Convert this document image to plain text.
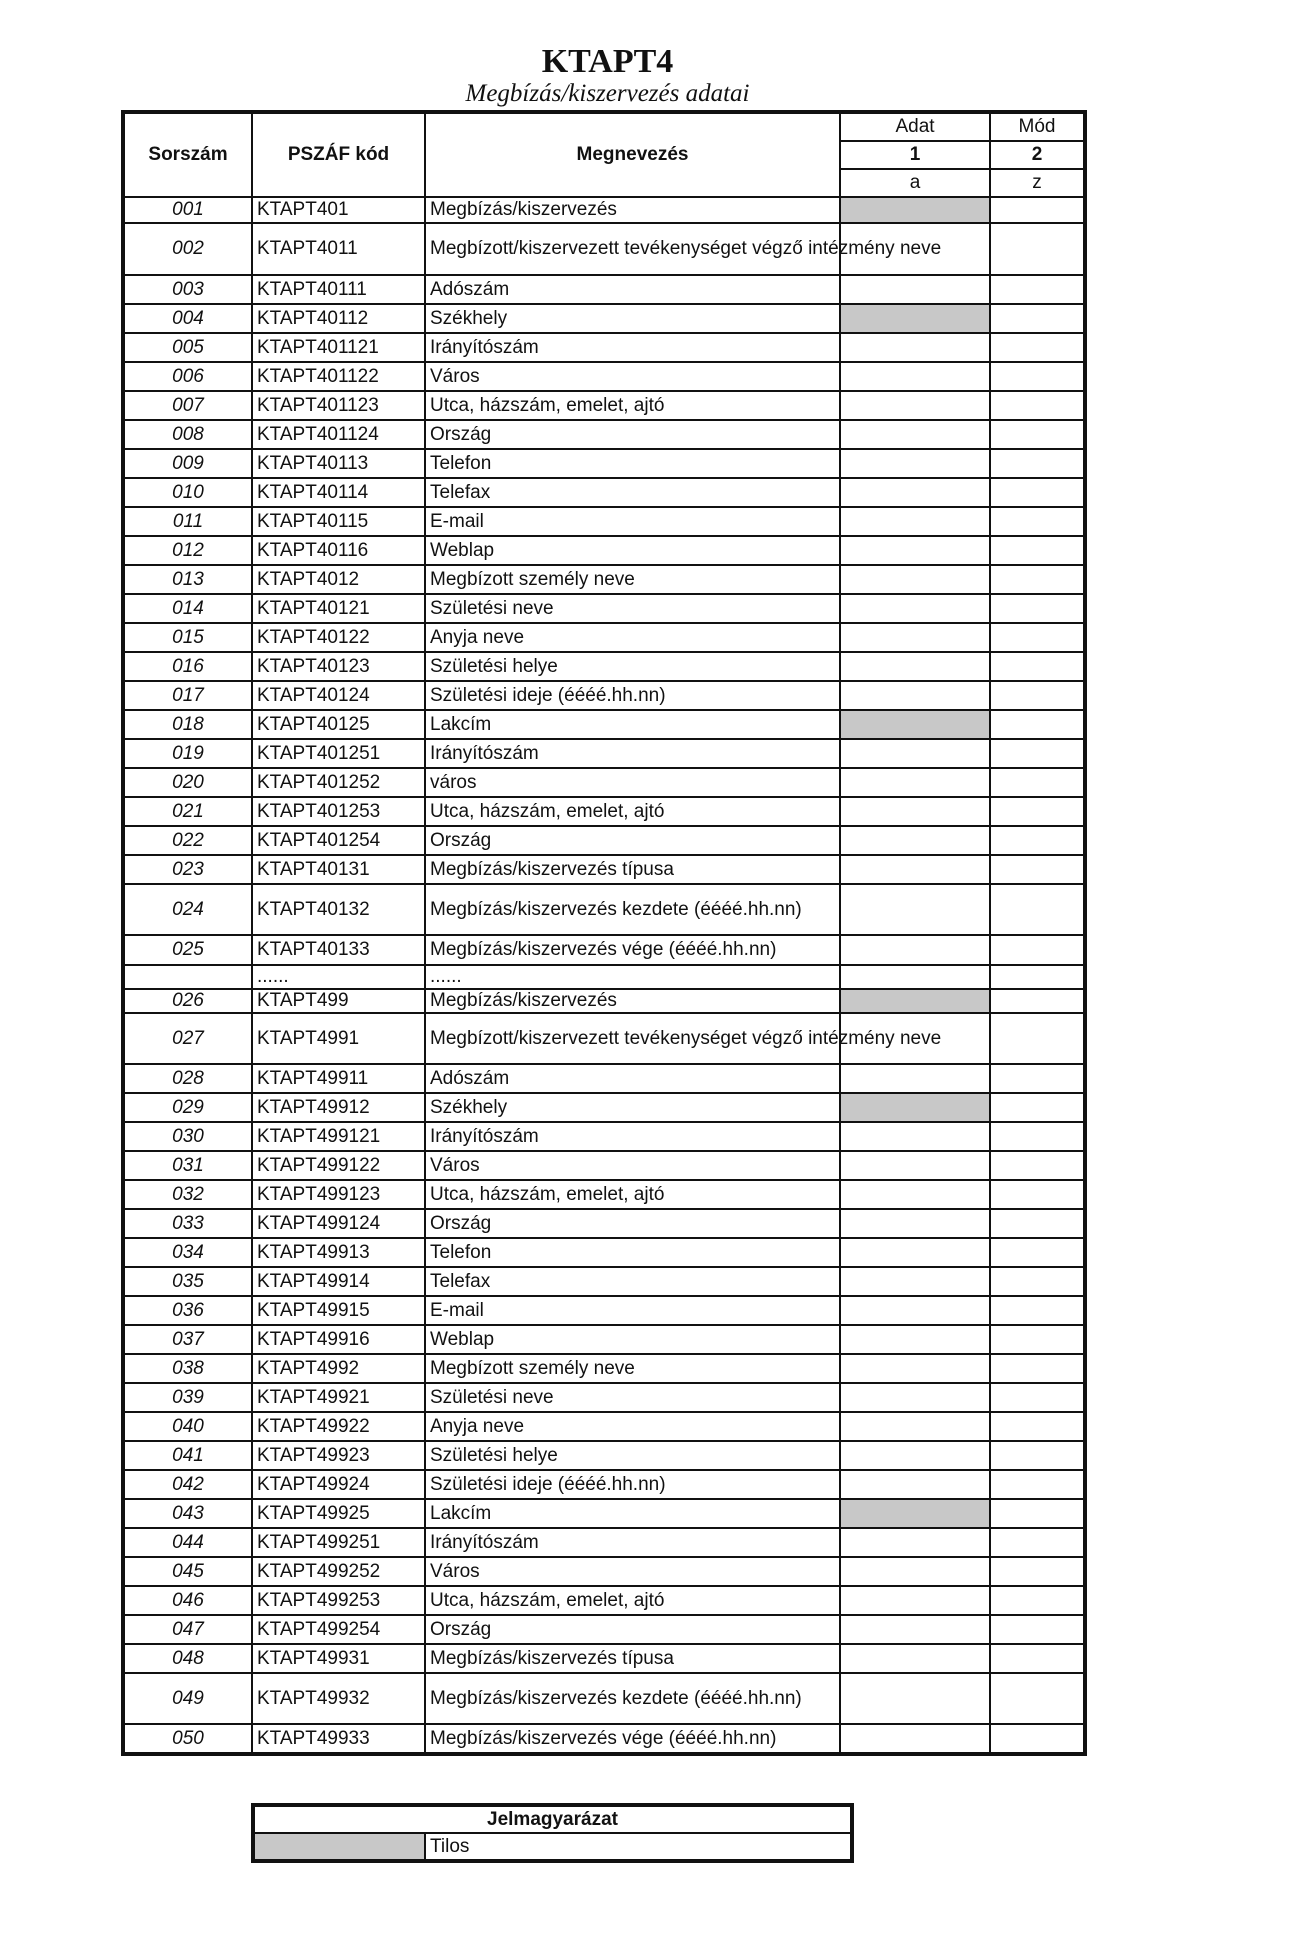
KTAPT4
Megbízás/kiszervezés adatai
Sorszám	PSZÁF kód	Megnevezés	Adat	Mód
			1	2
			a	z
001	KTAPT401	Megbízás/kiszervezés		
002	KTAPT4011	Megbízott/kiszervezett tevékenységet végző intézmény neve		
003	KTAPT40111	Adószám		
004	KTAPT40112	Székhely		
005	KTAPT401121	Irányítószám		
006	KTAPT401122	Város		
007	KTAPT401123	Utca, házszám, emelet, ajtó		
008	KTAPT401124	Ország		
009	KTAPT40113	Telefon		
010	KTAPT40114	Telefax		
011	KTAPT40115	E-mail		
012	KTAPT40116	Weblap		
013	KTAPT4012	Megbízott személy neve		
014	KTAPT40121	Születési neve		
015	KTAPT40122	Anyja neve		
016	KTAPT40123	Születési helye		
017	KTAPT40124	Születési ideje (éééé.hh.nn)		
018	KTAPT40125	Lakcím		
019	KTAPT401251	Irányítószám		
020	KTAPT401252	város		
021	KTAPT401253	Utca, házszám, emelet, ajtó		
022	KTAPT401254	Ország		
023	KTAPT40131	Megbízás/kiszervezés típusa		
024	KTAPT40132	Megbízás/kiszervezés kezdete (éééé.hh.nn)		
025	KTAPT40133	Megbízás/kiszervezés vége (éééé.hh.nn)		
	......	......		
026	KTAPT499	Megbízás/kiszervezés		
027	KTAPT4991	Megbízott/kiszervezett tevékenységet végző intézmény neve		
028	KTAPT49911	Adószám		
029	KTAPT49912	Székhely		
030	KTAPT499121	Irányítószám		
031	KTAPT499122	Város		
032	KTAPT499123	Utca, házszám, emelet, ajtó		
033	KTAPT499124	Ország		
034	KTAPT49913	Telefon		
035	KTAPT49914	Telefax		
036	KTAPT49915	E-mail		
037	KTAPT49916	Weblap		
038	KTAPT4992	Megbízott személy neve		
039	KTAPT49921	Születési neve		
040	KTAPT49922	Anyja neve		
041	KTAPT49923	Születési helye		
042	KTAPT49924	Születési ideje (éééé.hh.nn)		
043	KTAPT49925	Lakcím		
044	KTAPT499251	Irányítószám		
045	KTAPT499252	Város		
046	KTAPT499253	Utca, házszám, emelet, ajtó		
047	KTAPT499254	Ország		
048	KTAPT49931	Megbízás/kiszervezés típusa		
049	KTAPT49932	Megbízás/kiszervezés kezdete (éééé.hh.nn)		
050	KTAPT49933	Megbízás/kiszervezés vége (éééé.hh.nn)		
Jelmagyarázat
	Tilos
